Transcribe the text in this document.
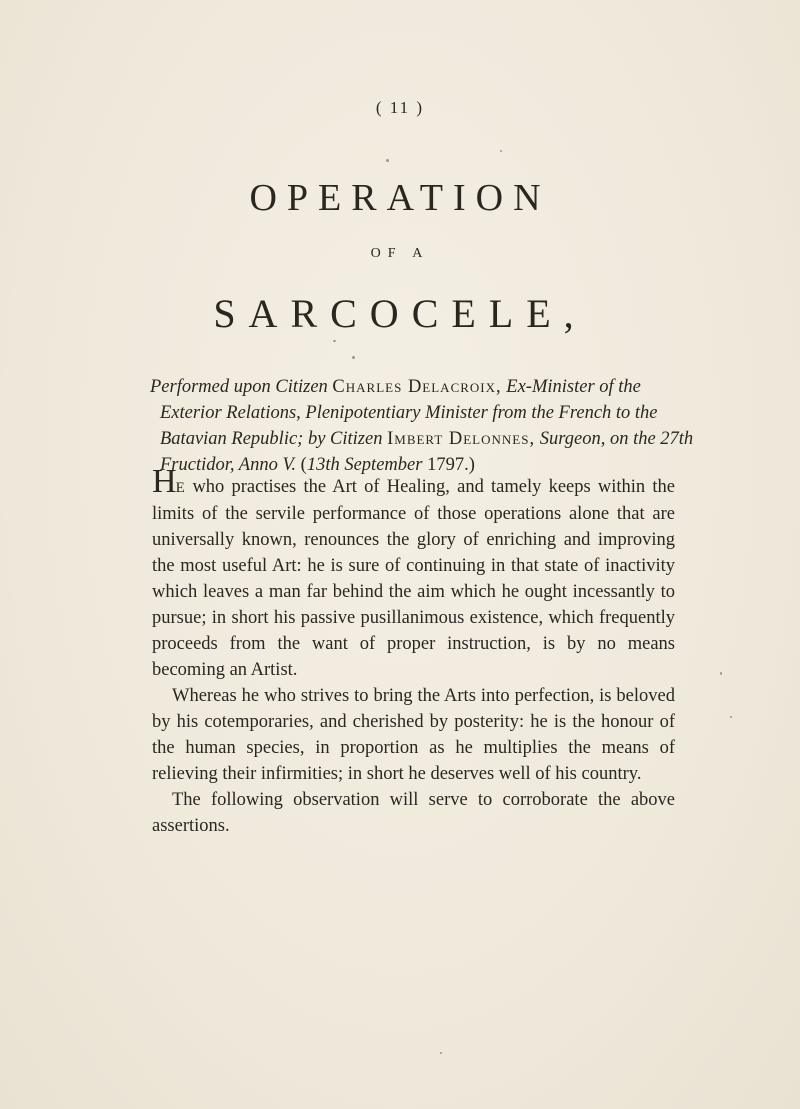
( 11 )
OPERATION
OF A
SARCOCELE,
Performed upon Citizen Charles Delacroix, Ex-Minister of the Exterior Relations, Plenipotentiary Minister from the French to the Batavian Republic; by Citizen Imbert Delonnes, Surgeon, on the 27th Fructidor, Anno V. (13th September 1797.)

HE who practises the Art of Healing, and tamely keeps within the limits of the servile performance of those operations alone that are universally known, renounces the glory of enriching and improving the most useful Art: he is sure of continuing in that state of inactivity which leaves a man far behind the aim which he ought incessantly to pursue; in short his passive pusillanimous existence, which frequently proceeds from the want of proper instruction, is by no means becoming an Artist.

Whereas he who strives to bring the Arts into perfection, is beloved by his cotemporaries, and cherished by posterity: he is the honour of the human species, in proportion as he multiplies the means of relieving their infirmities; in short he deserves well of his country.

The following observation will serve to corroborate the above assertions.
